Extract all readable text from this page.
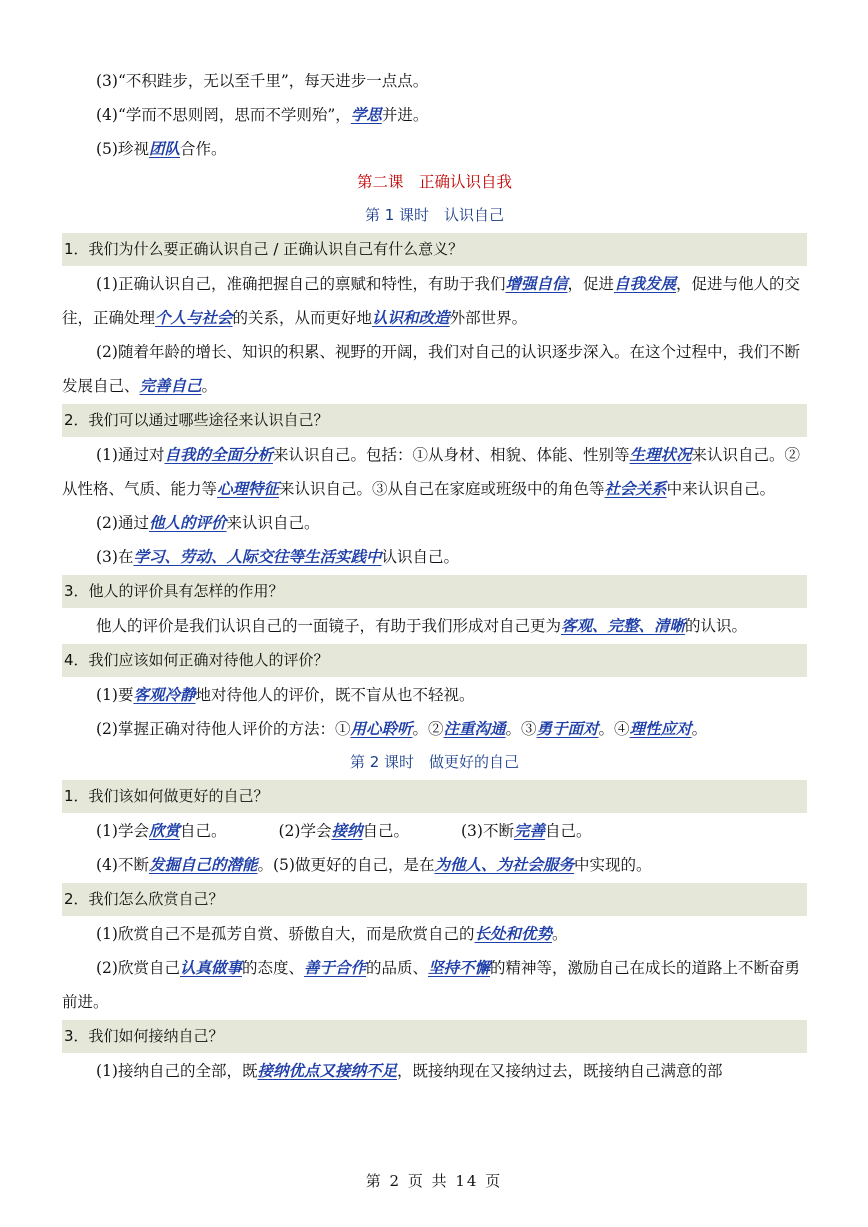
(3)“不积跬步，无以至千里”，每天进步一点点。
(4)“学而不思则罔，思而不学则殆”，学思并进。
(5)珍视团队合作。
第二课　正确认识自我
第 1 课时　认识自己
1．我们为什么要正确认识自己 / 正确认识自己有什么意义？
(1)正确认识自己，准确把握自己的禀赋和特性，有助于我们增强自信，促进自我发展，促进与他人的交往，正确处理个人与社会的关系，从而更好地认识和改造外部世界。
(2)随着年龄的增长、知识的积累、视野的开阔，我们对自己的认识逐步深入。在这个过程中，我们不断发展自己、完善自己。
2．我们可以通过哪些途径来认识自己？
(1)通过对自我的全面分析来认识自己。包括：①从身材、相貌、体能、性别等生理状况来认识自己。②从性格、气质、能力等心理特征来认识自己。③从自己在家庭或班级中的角色等社会关系中来认识自己。
(2)通过他人的评价来认识自己。
(3)在学习、劳动、人际交往等生活实践中认识自己。
3．他人的评价具有怎样的作用？
他人的评价是我们认识自己的一面镜子，有助于我们形成对自己更为客观、完整、清晰的认识。
4．我们应该如何正确对待他人的评价？
(1)要客观冷静地对待他人的评价，既不盲从也不轻视。
(2)掌握正确对待他人评价的方法：①用心聆听。②注重沟通。③勇于面对。④理性应对。
第 2 课时　做更好的自己
1．我们该如何做更好的自己？
(1)学会欣赏自己。	(2)学会接纳自己。	(3)不断完善自己。
(4)不断发掘自己的潜能。(5)做更好的自己，是在为他人、为社会服务中实现的。
2．我们怎么欣赏自己？
(1)欣赏自己不是孤芳自赏、骄傲自大，而是欣赏自己的长处和优势。
(2)欣赏自己认真做事的态度、善于合作的品质、坚持不懈的精神等，激励自己在成长的道路上不断奋勇前进。
3．我们如何接纳自己？
(1)接纳自己的全部，既接纳优点又接纳不足，既接纳现在又接纳过去，既接纳自己满意的部
第 2 页 共 14 页
